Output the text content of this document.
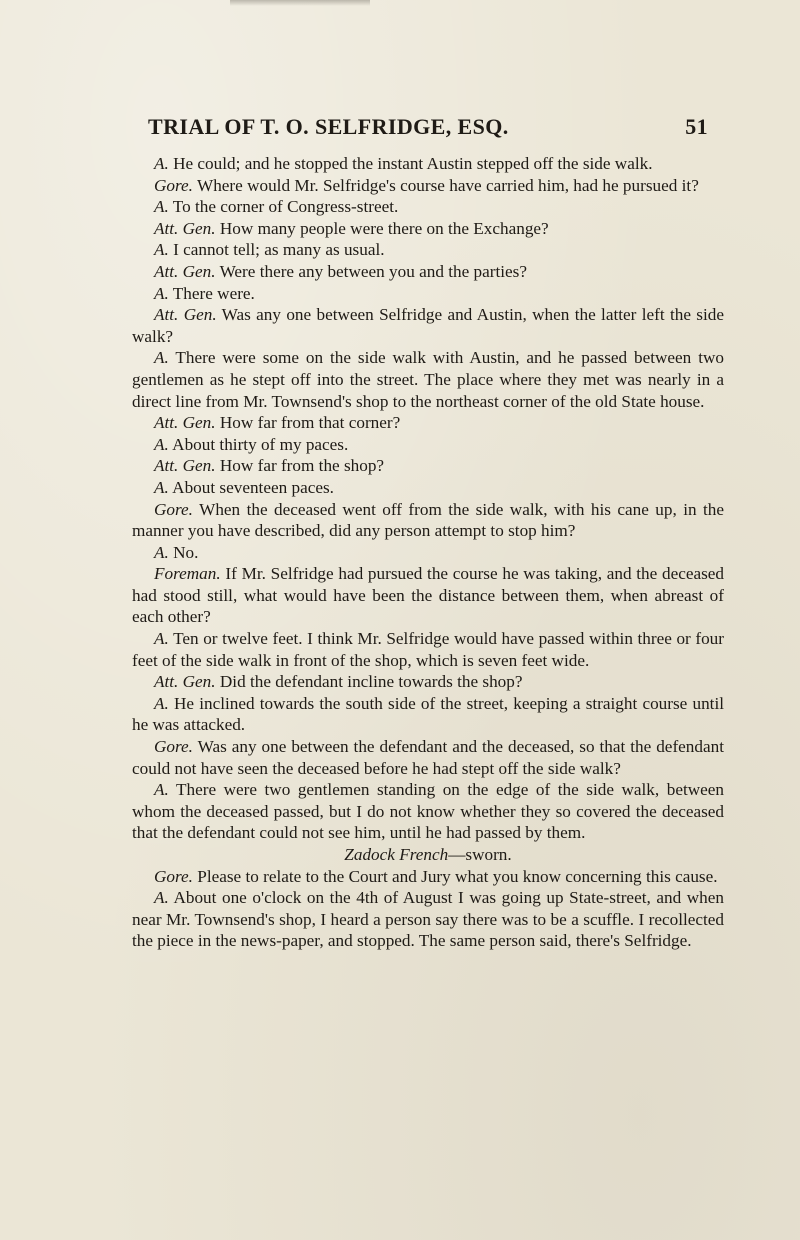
TRIAL OF T. O. SELFRIDGE, ESQ.	51

A. He could; and he stopped the instant Austin stepped off the side walk.

Gore. Where would Mr. Selfridge's course have carried him, had he pursued it?

A. To the corner of Congress-street.

Att. Gen. How many people were there on the Exchange?

A. I cannot tell; as many as usual.

Att. Gen. Were there any between you and the parties?

A. There were.

Att. Gen. Was any one between Selfridge and Austin, when the latter left the side walk?

A. There were some on the side walk with Austin, and he passed between two gentlemen as he stept off into the street. The place where they met was nearly in a direct line from Mr. Townsend's shop to the northeast corner of the old State house.

Att. Gen. How far from that corner?

A. About thirty of my paces.

Att. Gen. How far from the shop?

A. About seventeen paces.

Gore. When the deceased went off from the side walk, with his cane up, in the manner you have described, did any person attempt to stop him?

A. No.

Foreman. If Mr. Selfridge had pursued the course he was taking, and the deceased had stood still, what would have been the distance between them, when abreast of each other?

A. Ten or twelve feet. I think Mr. Selfridge would have passed within three or four feet of the side walk in front of the shop, which is seven feet wide.

Att. Gen. Did the defendant incline towards the shop?

A. He inclined towards the south side of the street, keeping a straight course until he was attacked.

Gore. Was any one between the defendant and the deceased, so that the defendant could not have seen the deceased before he had stept off the side walk?

A. There were two gentlemen standing on the edge of the side walk, between whom the deceased passed, but I do not know whether they so covered the deceased that the defendant could not see him, until he had passed by them.

Zadock French—sworn.

Gore. Please to relate to the Court and Jury what you know concerning this cause.

A. About one o'clock on the 4th of August I was going up State-street, and when near Mr. Townsend's shop, I heard a person say there was to be a scuffle. I recollected the piece in the news-paper, and stopped. The same person said, there's Selfridge.
